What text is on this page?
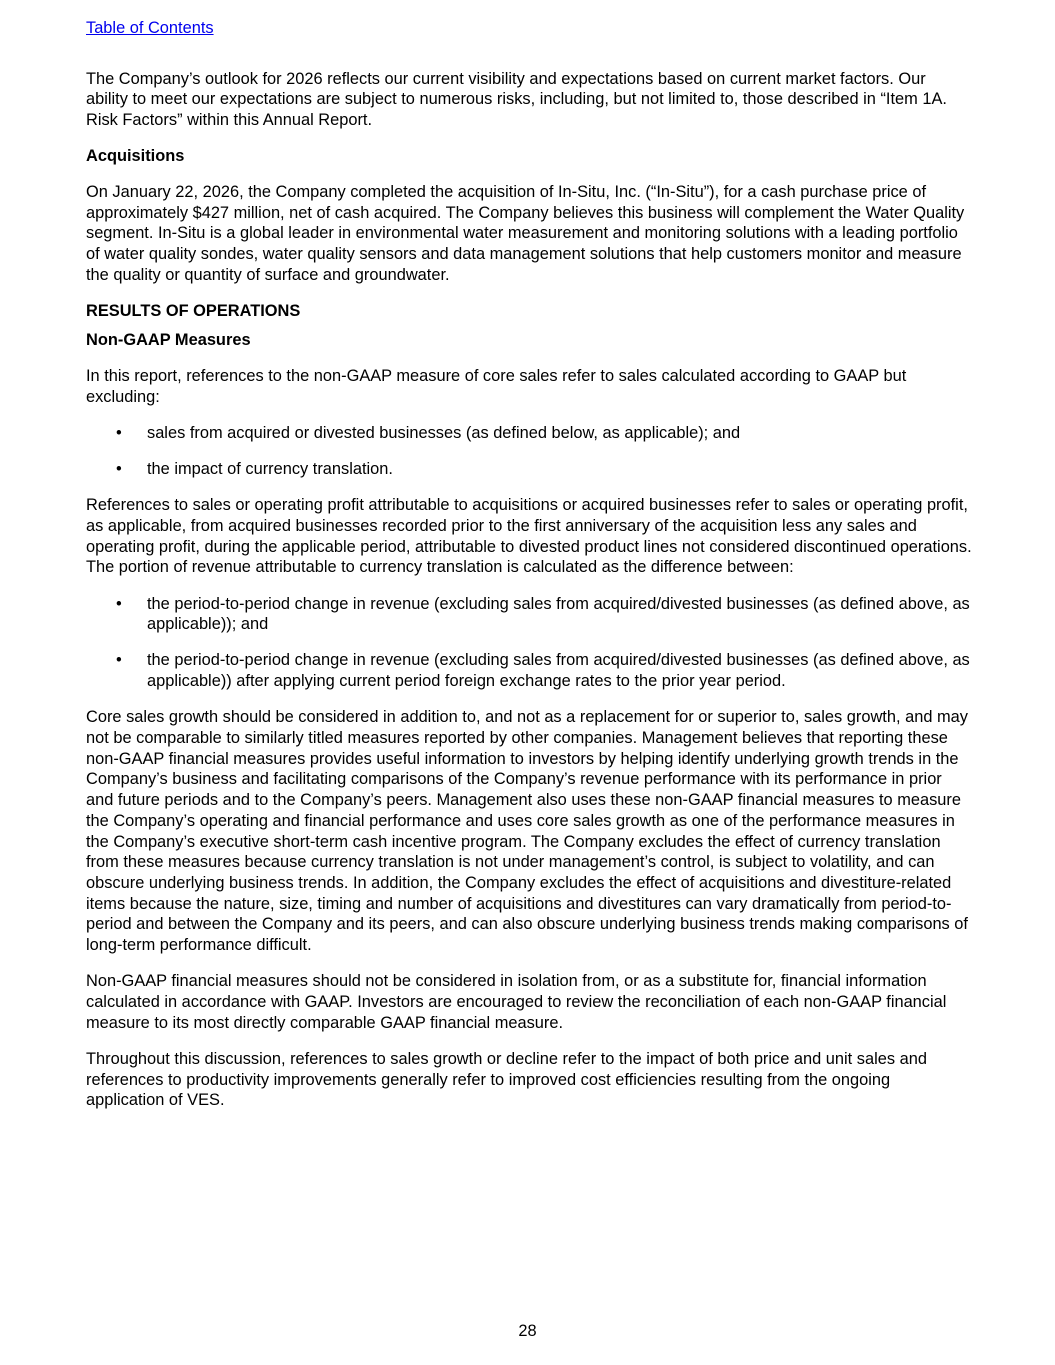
Table of Contents

The Company’s outlook for 2026 reflects our current visibility and expectations based on current market factors. Our ability to meet our expectations are subject to numerous risks, including, but not limited to, those described in “Item 1A. Risk Factors” within this Annual Report.

Acquisitions

On January 22, 2026, the Company completed the acquisition of In-Situ, Inc. (“In-Situ”), for a cash purchase price of approximately $427 million, net of cash acquired. The Company believes this business will complement the Water Quality segment. In-Situ is a global leader in environmental water measurement and monitoring solutions with a leading portfolio of water quality sondes, water quality sensors and data management solutions that help customers monitor and measure the quality or quantity of surface and groundwater.

RESULTS OF OPERATIONS
Non-GAAP Measures

In this report, references to the non-GAAP measure of core sales refer to sales calculated according to GAAP but excluding:

• sales from acquired or divested businesses (as defined below, as applicable); and
• the impact of currency translation.

References to sales or operating profit attributable to acquisitions or acquired businesses refer to sales or operating profit, as applicable, from acquired businesses recorded prior to the first anniversary of the acquisition less any sales and operating profit, during the applicable period, attributable to divested product lines not considered discontinued operations. The portion of revenue attributable to currency translation is calculated as the difference between:

• the period-to-period change in revenue (excluding sales from acquired/divested businesses (as defined above, as applicable)); and
• the period-to-period change in revenue (excluding sales from acquired/divested businesses (as defined above, as applicable)) after applying current period foreign exchange rates to the prior year period.

Core sales growth should be considered in addition to, and not as a replacement for or superior to, sales growth, and may not be comparable to similarly titled measures reported by other companies. Management believes that reporting these non-GAAP financial measures provides useful information to investors by helping identify underlying growth trends in the Company’s business and facilitating comparisons of the Company’s revenue performance with its performance in prior and future periods and to the Company’s peers. Management also uses these non-GAAP financial measures to measure the Company’s operating and financial performance and uses core sales growth as one of the performance measures in the Company’s executive short-term cash incentive program. The Company excludes the effect of currency translation from these measures because currency translation is not under management’s control, is subject to volatility, and can obscure underlying business trends. In addition, the Company excludes the effect of acquisitions and divestiture-related items because the nature, size, timing and number of acquisitions and divestitures can vary dramatically from period-to-period and between the Company and its peers, and can also obscure underlying business trends making comparisons of long-term performance difficult.

Non-GAAP financial measures should not be considered in isolation from, or as a substitute for, financial information calculated in accordance with GAAP. Investors are encouraged to review the reconciliation of each non-GAAP financial measure to its most directly comparable GAAP financial measure.

Throughout this discussion, references to sales growth or decline refer to the impact of both price and unit sales and references to productivity improvements generally refer to improved cost efficiencies resulting from the ongoing application of VES.

28
